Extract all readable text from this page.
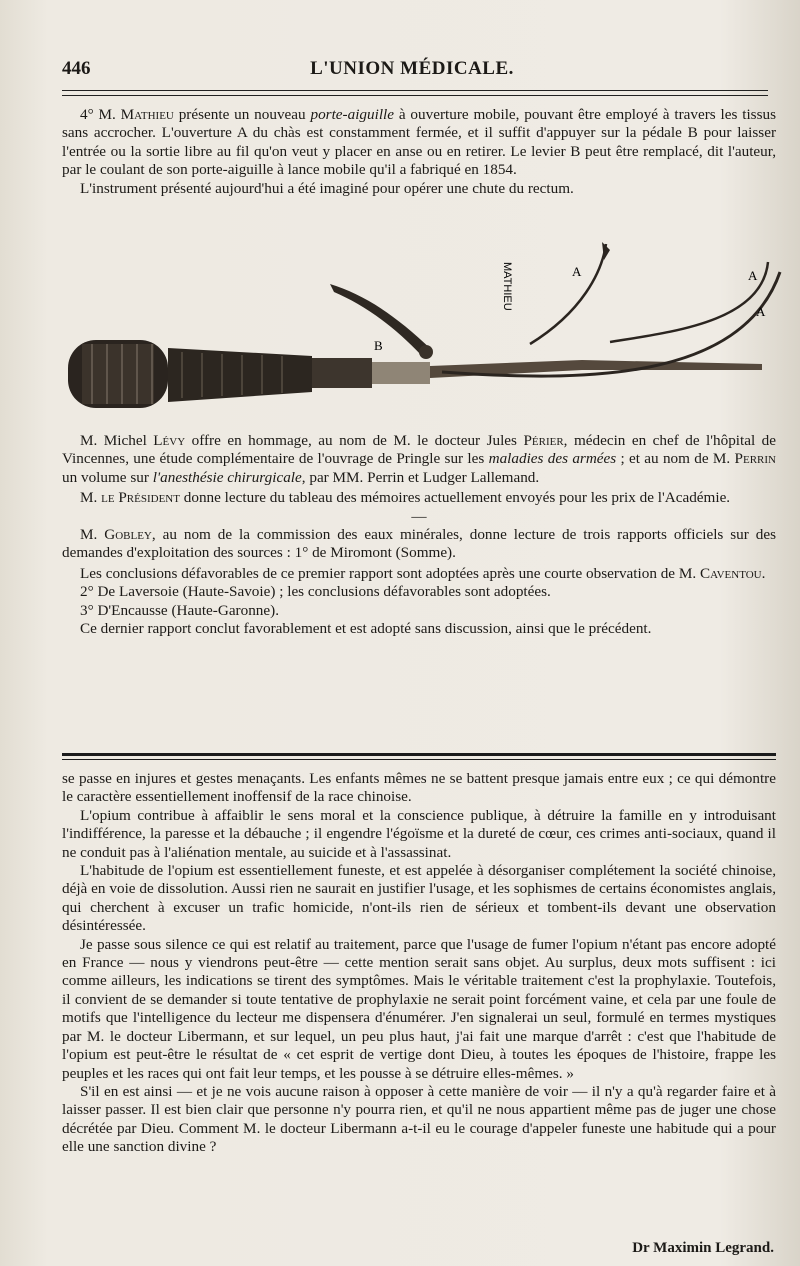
446	L'UNION MÉDICALE.

4° M. Mathieu présente un nouveau porte-aiguille à ouverture mobile, pouvant être employé à travers les tissus sans accrocher. L'ouverture A du chàs est constamment fermée, et il suffit d'appuyer sur la pédale B pour laisser l'entrée ou la sortie libre au fil qu'on veut y placer en anse ou en retirer. Le levier B peut être remplacé, dit l'auteur, par le coulant de son porte-aiguille à lance mobile qu'il a fabriqué en 1854.

L'instrument présenté aujourd'hui a été imaginé pour opérer une chute du rectum.

MATHIEU	A	A
A
B

M. Michel Lévy offre en hommage, au nom de M. le docteur Jules Périer, médecin en chef de l'hôpital de Vincennes, une étude complémentaire de l'ouvrage de Pringle sur les maladies des armées ; et au nom de M. Perrin un volume sur l'anesthésie chirurgicale, par MM. Perrin et Ludger Lallemand.

M. le Président donne lecture du tableau des mémoires actuellement envoyés pour les prix de l'Académie.

—

M. Gobley, au nom de la commission des eaux minérales, donne lecture de trois rapports officiels sur des demandes d'exploitation des sources : 1° de Miromont (Somme).

Les conclusions défavorables de ce premier rapport sont adoptées après une courte observation de M. Caventou.

2° De Laversoie (Haute-Savoie) ; les conclusions défavorables sont adoptées.

3° D'Encausse (Haute-Garonne).

Ce dernier rapport conclut favorablement et est adopté sans discussion, ainsi que le précédent.

se passe en injures et gestes menaçants. Les enfants mêmes ne se battent presque jamais entre eux ; ce qui démontre le caractère essentiellement inoffensif de la race chinoise.

L'opium contribue à affaiblir le sens moral et la conscience publique, à détruire la famille en y introduisant l'indifférence, la paresse et la débauche ; il engendre l'égoïsme et la dureté de cœur, ces crimes anti-sociaux, quand il ne conduit pas à l'aliénation mentale, au suicide et à l'assassinat.

L'habitude de l'opium est essentiellement funeste, et est appelée à désorganiser complétement la société chinoise, déjà en voie de dissolution. Aussi rien ne saurait en justifier l'usage, et les sophismes de certains économistes anglais, qui cherchent à excuser un trafic homicide, n'ont-ils rien de sérieux et tombent-ils devant une observation désintéressée.

Je passe sous silence ce qui est relatif au traitement, parce que l'usage de fumer l'opium n'étant pas encore adopté en France — nous y viendrons peut-être — cette mention serait sans objet. Au surplus, deux mots suffisent : ici comme ailleurs, les indications se tirent des symptômes. Mais le véritable traitement c'est la prophylaxie. Toutefois, il convient de se demander si toute tentative de prophylaxie ne serait point forcément vaine, et cela par une foule de motifs que l'intelligence du lecteur me dispensera d'énumérer. J'en signalerai un seul, formulé en termes mystiques par M. le docteur Libermann, et sur lequel, un peu plus haut, j'ai fait une marque d'arrêt : c'est que l'habitude de l'opium est peut-être le résultat de « cet esprit de vertige dont Dieu, à toutes les époques de l'histoire, frappe les peuples et les races qui ont fait leur temps, et les pousse à se détruire elles-mêmes. »

S'il en est ainsi — et je ne vois aucune raison à opposer à cette manière de voir — il n'y a qu'à regarder faire et à laisser passer. Il est bien clair que personne n'y pourra rien, et qu'il ne nous appartient même pas de juger une chose décrétée par Dieu. Comment M. le docteur Libermann a-t-il eu le courage d'appeler funeste une habitude qui a pour elle une sanction divine ?

Dr Maximin Legrand.
